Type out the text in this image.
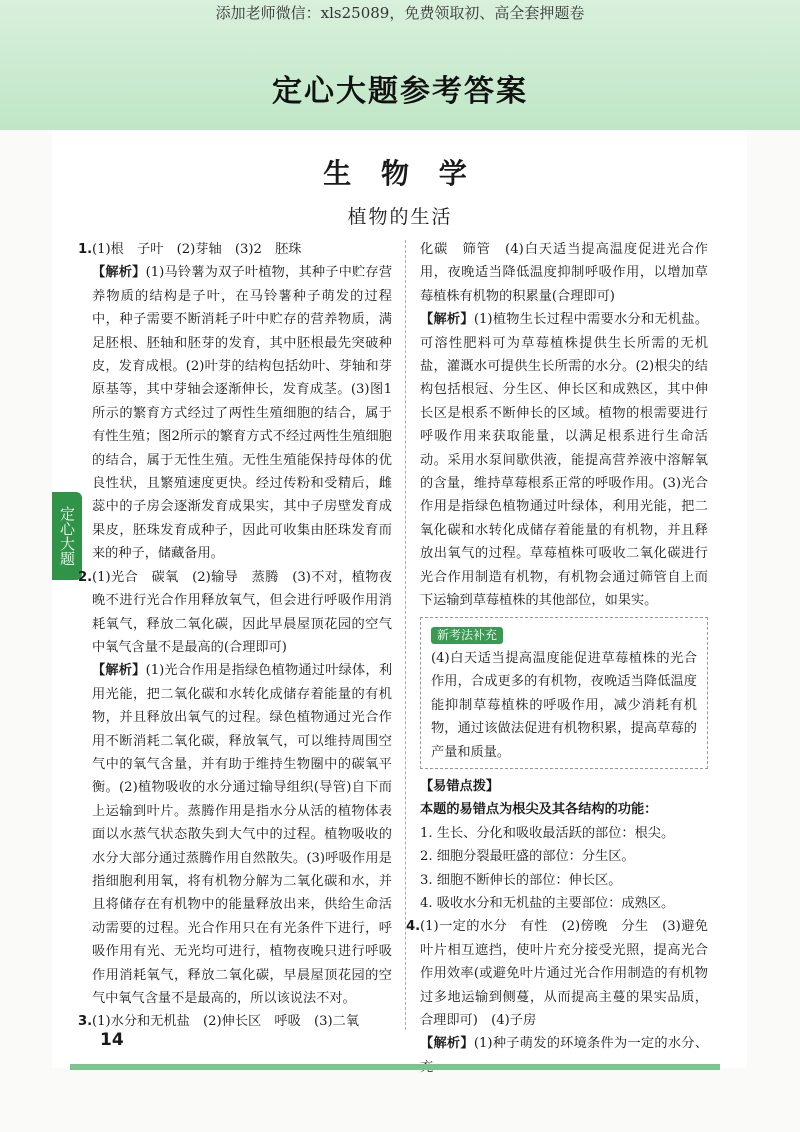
添加老师微信：xls25089，免费领取初、高全套押题卷
定心大题参考答案
生 物 学
植物的生活
定心大题

1.(1)根　子叶　(2)芽轴　(3)2　胚珠

【解析】(1)马铃薯为双子叶植物，其种子中贮存营养物质的结构是子叶，在马铃薯种子萌发的过程中，种子需要不断消耗子叶中贮存的营养物质，满足胚根、胚轴和胚芽的发育，其中胚根最先突破种皮，发育成根。(2)叶芽的结构包括幼叶、芽轴和芽原基等，其中芽轴会逐渐伸长，发育成茎。(3)图1所示的繁育方式经过了两性生殖细胞的结合，属于有性生殖；图2所示的繁育方式不经过两性生殖细胞的结合，属于无性生殖。无性生殖能保持母体的优良性状，且繁殖速度更快。经过传粉和受精后，雌蕊中的子房会逐渐发育成果实，其中子房壁发育成果皮，胚珠发育成种子，因此可收集由胚珠发育而来的种子，储藏备用。

2.(1)光合　碳氧　(2)输导　蒸腾　(3)不对，植物夜晚不进行光合作用释放氧气，但会进行呼吸作用消耗氧气，释放二氧化碳，因此早晨屋顶花园的空气中氧气含量不是最高的(合理即可)

【解析】(1)光合作用是指绿色植物通过叶绿体，利用光能，把二氧化碳和水转化成储存着能量的有机物，并且释放出氧气的过程。绿色植物通过光合作用不断消耗二氧化碳，释放氧气，可以维持周围空气中的氧气含量，并有助于维持生物圈中的碳氧平衡。(2)植物吸收的水分通过输导组织(导管)自下而上运输到叶片。蒸腾作用是指水分从活的植物体表面以水蒸气状态散失到大气中的过程。植物吸收的水分大部分通过蒸腾作用自然散失。(3)呼吸作用是指细胞利用氧，将有机物分解为二氧化碳和水，并且将储存在有机物中的能量释放出来，供给生命活动需要的过程。光合作用只在有光条件下进行，呼吸作用有光、无光均可进行，植物夜晚只进行呼吸作用消耗氧气，释放二氧化碳，早晨屋顶花园的空气中氧气含量不是最高的，所以该说法不对。

3.(1)水分和无机盐　(2)伸长区　呼吸　(3)二氧

化碳　筛管　(4)白天适当提高温度促进光合作用，夜晚适当降低温度抑制呼吸作用，以增加草莓植株有机物的积累量(合理即可)

【解析】(1)植物生长过程中需要水分和无机盐。可溶性肥料可为草莓植株提供生长所需的无机盐，灌溉水可提供生长所需的水分。(2)根尖的结构包括根冠、分生区、伸长区和成熟区，其中伸长区是根系不断伸长的区域。植物的根需要进行呼吸作用来获取能量，以满足根系进行生命活动。采用水泵间歇供液，能提高营养液中溶解氧的含量，维持草莓根系正常的呼吸作用。(3)光合作用是指绿色植物通过叶绿体，利用光能，把二氧化碳和水转化成储存着能量的有机物，并且释放出氧气的过程。草莓植株可吸收二氧化碳进行光合作用制造有机物，有机物会通过筛管自上而下运输到草莓植株的其他部位，如果实。

新考法补充

(4)白天适当提高温度能促进草莓植株的光合作用，合成更多的有机物，夜晚适当降低温度能抑制草莓植株的呼吸作用，减少消耗有机物，通过该做法促进有机物积累，提高草莓的产量和质量。

【易错点拨】

本题的易错点为根尖及其各结构的功能：

1. 生长、分化和吸收最活跃的部位：根尖。

2. 细胞分裂最旺盛的部位：分生区。

3. 细胞不断伸长的部位：伸长区。

4. 吸收水分和无机盐的主要部位：成熟区。

4.(1)一定的水分　有性　(2)傍晚　分生　(3)避免叶片相互遮挡，使叶片充分接受光照，提高光合作用效率(或避免叶片通过光合作用制造的有机物过多地运输到侧蔓，从而提高主蔓的果实品质，合理即可)　(4)子房

【解析】(1)种子萌发的环境条件为一定的水分、

14
